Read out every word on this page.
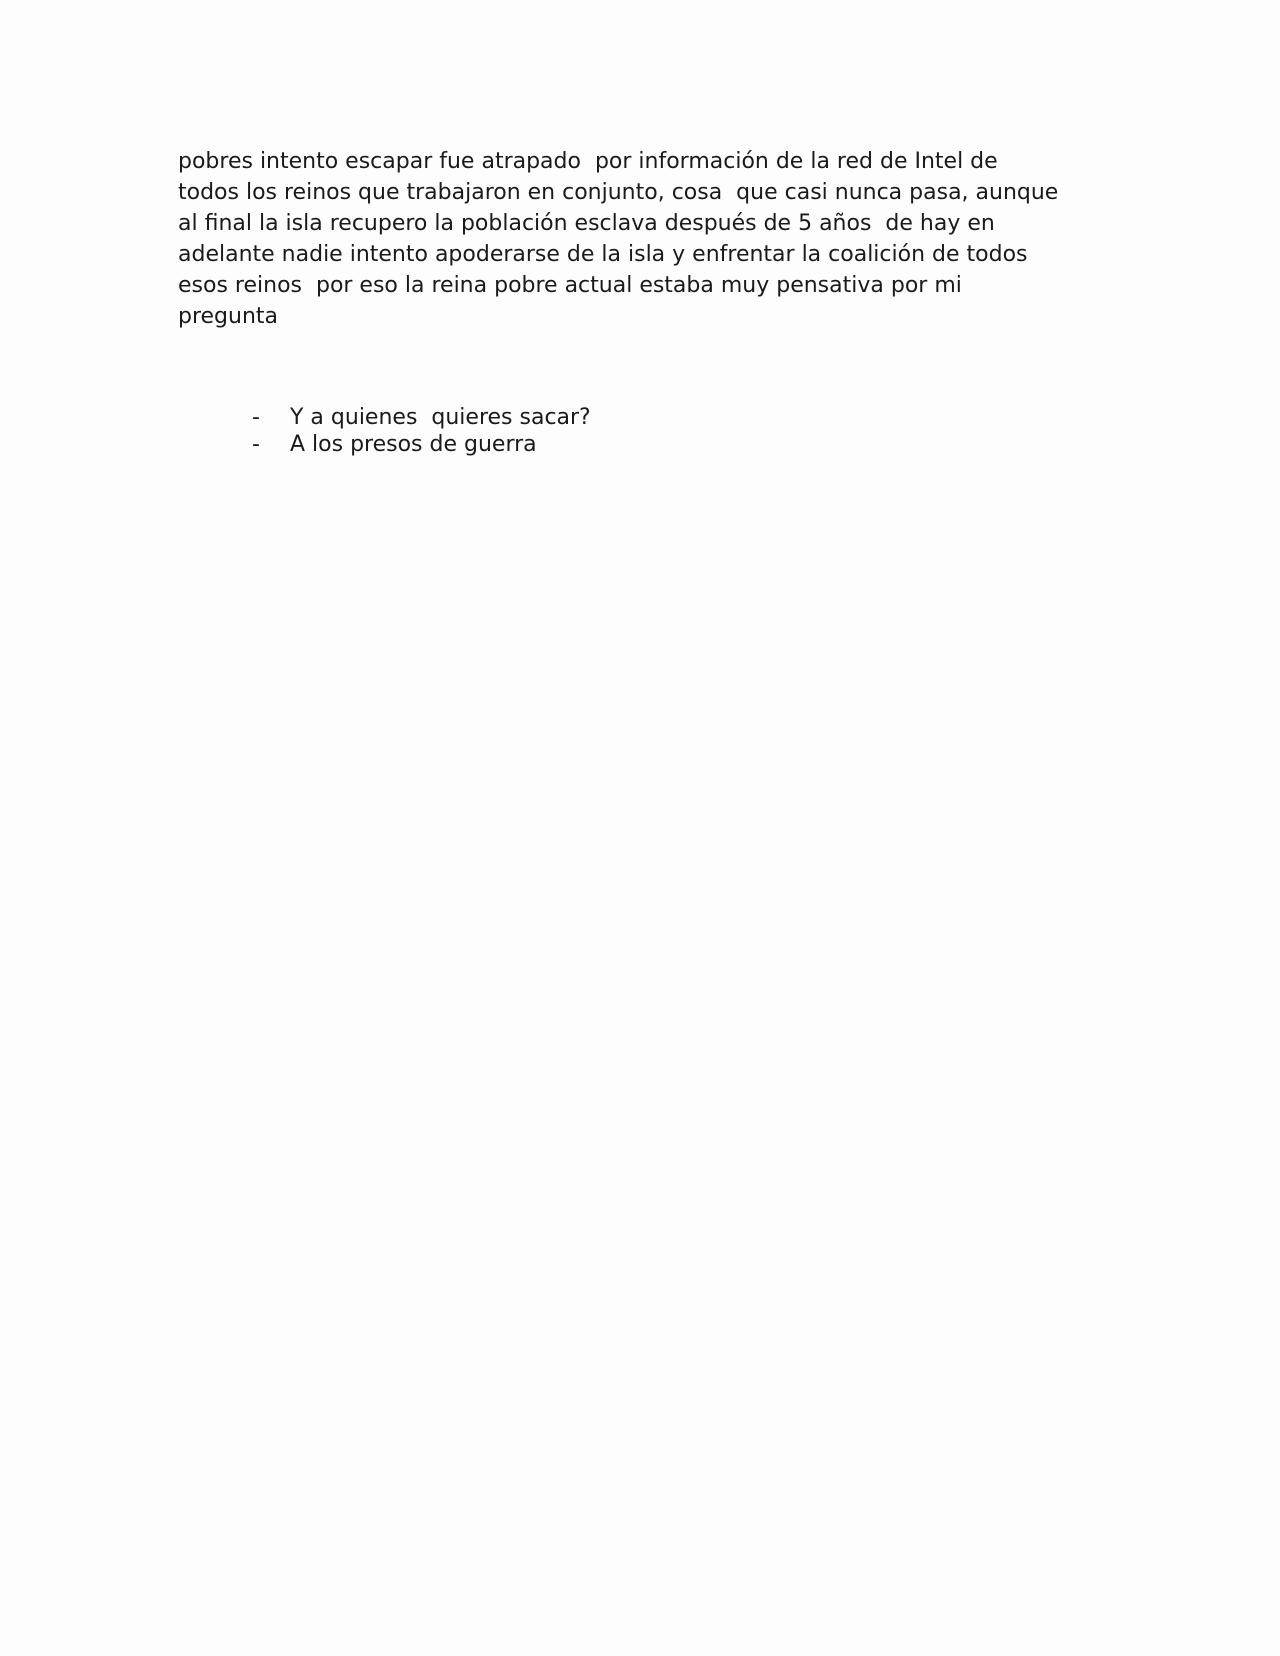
pobres intento escapar fue atrapado  por información de la red de Intel de
todos los reinos que trabajaron en conjunto, cosa  que casi nunca pasa, aunque
al final la isla recupero la población esclava después de 5 años  de hay en
adelante nadie intento apoderarse de la isla y enfrentar la coalición de todos
esos reinos  por eso la reina pobre actual estaba muy pensativa por mi
pregunta

-	Y a quienes  quieres sacar?
-	A los presos de guerra
